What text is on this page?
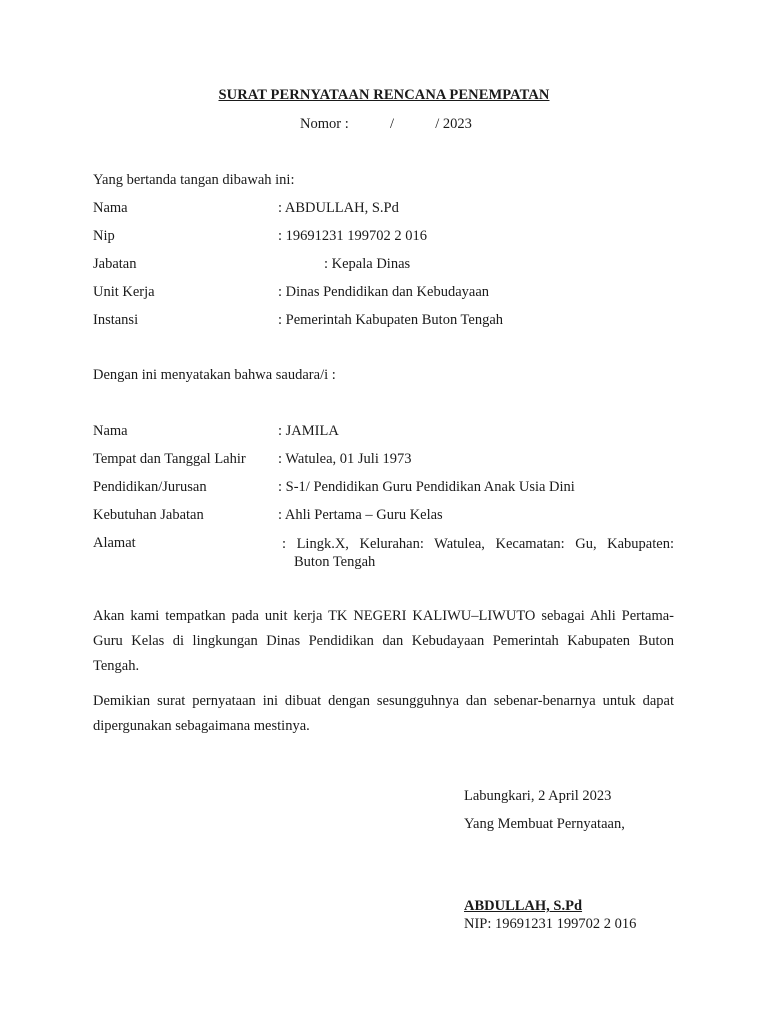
SURAT PERNYATAAN RENCANA PENEMPATAN
Nomor :	/	/ 2023
Yang bertanda tangan dibawah ini:
Nama	: ABDULLAH, S.Pd
Nip	: 19691231 199702 2 016
Jabatan	: Kepala Dinas
Unit Kerja	: Dinas Pendidikan dan Kebudayaan
Instansi	: Pemerintah Kabupaten Buton Tengah
Dengan ini menyatakan bahwa saudara/i :
Nama	: JAMILA
Tempat dan Tanggal Lahir : Watulea, 01 Juli 1973
Pendidikan/Jurusan	: S-1/ Pendidikan Guru Pendidikan Anak Usia Dini
Kebutuhan Jabatan	: Ahli Pertama – Guru Kelas
Alamat	: Lingk.X, Kelurahan: Watulea, Kecamatan: Gu, Kabupaten:
Buton Tengah
Akan kami tempatkan pada unit kerja TK NEGERI KALIWU–LIWUTO sebagai Ahli Pertama-Guru Kelas di lingkungan Dinas Pendidikan dan Kebudayaan Pemerintah Kabupaten Buton Tengah.
Demikian surat pernyataan ini dibuat dengan sesungguhnya dan sebenar-benarnya untuk dapat dipergunakan sebagaimana mestinya.
Labungkari, 2 April 2023
Yang Membuat Pernyataan,
ABDULLAH, S.Pd
NIP: 19691231 199702 2 016
